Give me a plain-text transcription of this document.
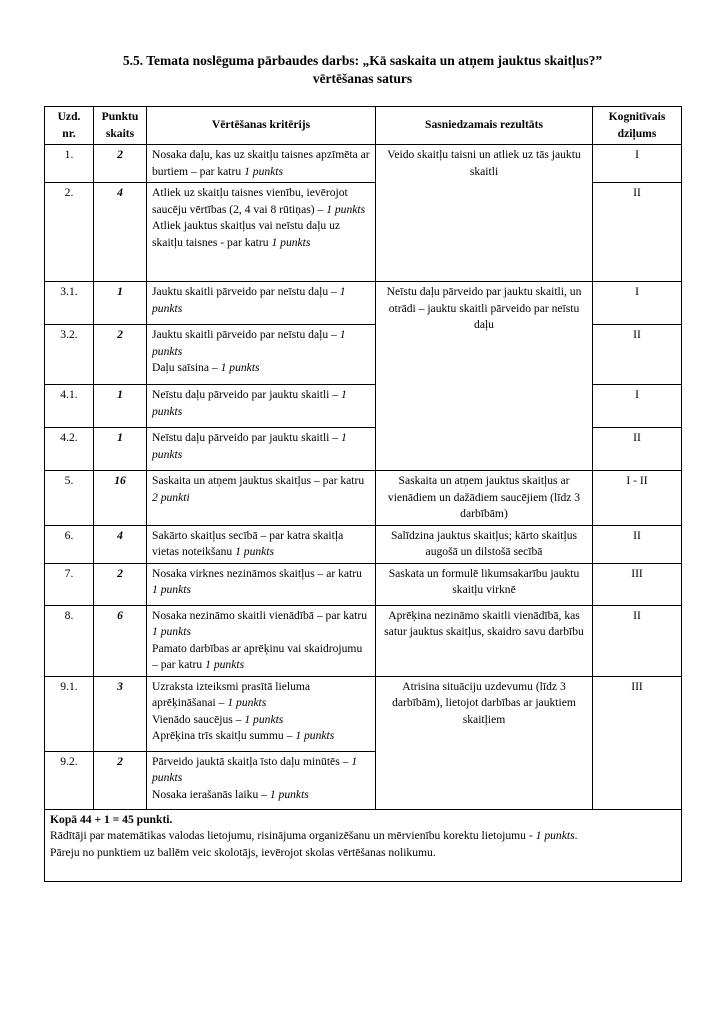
5.5. Temata noslēguma pārbaudes darbs: „Kā saskaita un atņem jauktus skaitļus?”
vērtēšanas saturs
Uzd. nr.	Punktu skaits	Vērtēšanas kritērijs	Sasniedzamais rezultāts	Kognitīvais dziļums
1.	2	Nosaka daļu, kas uz skaitļu taisnes apzīmēta ar burtiem – par katru 1 punkts	Veido skaitļu taisni un atliek uz tās jauktu skaitli	I
2.	4	Atliek uz skaitļu taisnes vienību, ievērojot saucēju vērtības (2, 4 vai 8 rūtiņas) – 1 punkts
Atliek jauktus skaitļus vai neīstu daļu uz skaitļu taisnes - par katru 1 punkts		II
3.1.	1	Jauktu skaitli pārveido par neīstu daļu – 1 punkts	Neīstu daļu pārveido par jauktu skaitli, un otrādi – jauktu skaitli pārveido par neīstu daļu	I
3.2.	2	Jauktu skaitli pārveido par neīstu daļu – 1 punkts
Daļu saīsina – 1 punkts		II
4.1.	1	Neīstu daļu pārveido par jauktu skaitli – 1 punkts		I
4.2.	1	Neīstu daļu pārveido par jauktu skaitli – 1 punkts		II
5.	16	Saskaita un atņem jauktus skaitļus – par katru 2 punkti	Saskaita un atņem jauktus skaitļus ar vienādiem un dažādiem saucējiem (līdz 3 darbībām)	I - II
6.	4	Sakārto skaitļus secībā – par katra skaitļa vietas noteikšanu 1 punkts	Salīdzina jauktus skaitļus; kārto skaitļus augošā un dilstošā secībā	II
7.	2	Nosaka virknes nezināmos skaitļus – ar katru 1 punkts	Saskata un formulē likumsakarību jauktu skaitļu virknē	III
8.	6	Nosaka nezināmo skaitli vienādībā – par katru 1 punkts
Pamato darbības ar aprēķinu vai skaidrojumu – par katru 1 punkts	Aprēķina nezināmo skaitli vienādībā, kas satur jauktus skaitļus, skaidro savu darbību	II
9.1.	3	Uzraksta izteiksmi prasītā lieluma aprēķināšanai – 1 punkts
Vienādo saucējus – 1 punkts
Aprēķina trīs skaitļu summu – 1 punkts	Atrisina situāciju uzdevumu (līdz 3 darbībām), lietojot darbības ar jauktiem skaitļiem	III
9.2.	2	Pārveido jauktā skaitļa īsto daļu minūtēs – 1 punkts
Nosaka ierašanās laiku – 1 punkts		

Kopā 44 + 1 = 45 punkti.
Rādītāji par matemātikas valodas lietojumu, risinājuma organizēšanu un mērvienību korektu lietojumu - 1 punkts.
Pāreju no punktiem uz ballēm veic skolotājs, ievērojot skolas vērtēšanas nolikumu.				
